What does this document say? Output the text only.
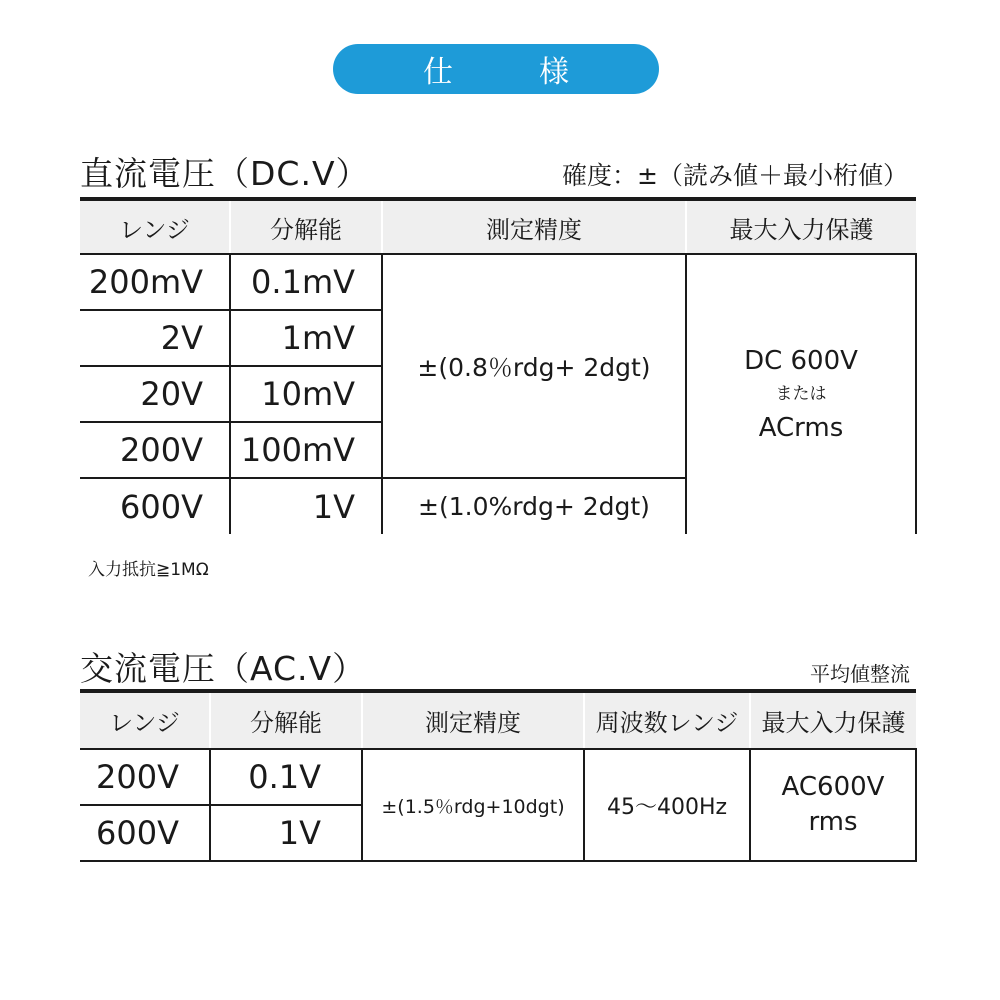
仕　様
直流電圧（DC.V）	確度：±（読み値＋最小桁値）
レンジ	分解能	測定精度	最大入力保護
200mV	0.1mV	±(0.8％rdg+ 2dgt)	DC 600V
または
ACrms

2V	1mV		
20V	10mV		
200V	100mV		
600V	1V	±(1.0%rdg+ 2dgt)	
入力抵抗≧1MΩ
交流電圧（AC.V）	平均値整流
レンジ	分解能	測定精度	周波数レンジ	最大入力保護
200V	0.1V	±(1.5％rdg+10dgt)	45～400Hz	AC600V
rms

600V	1V			
